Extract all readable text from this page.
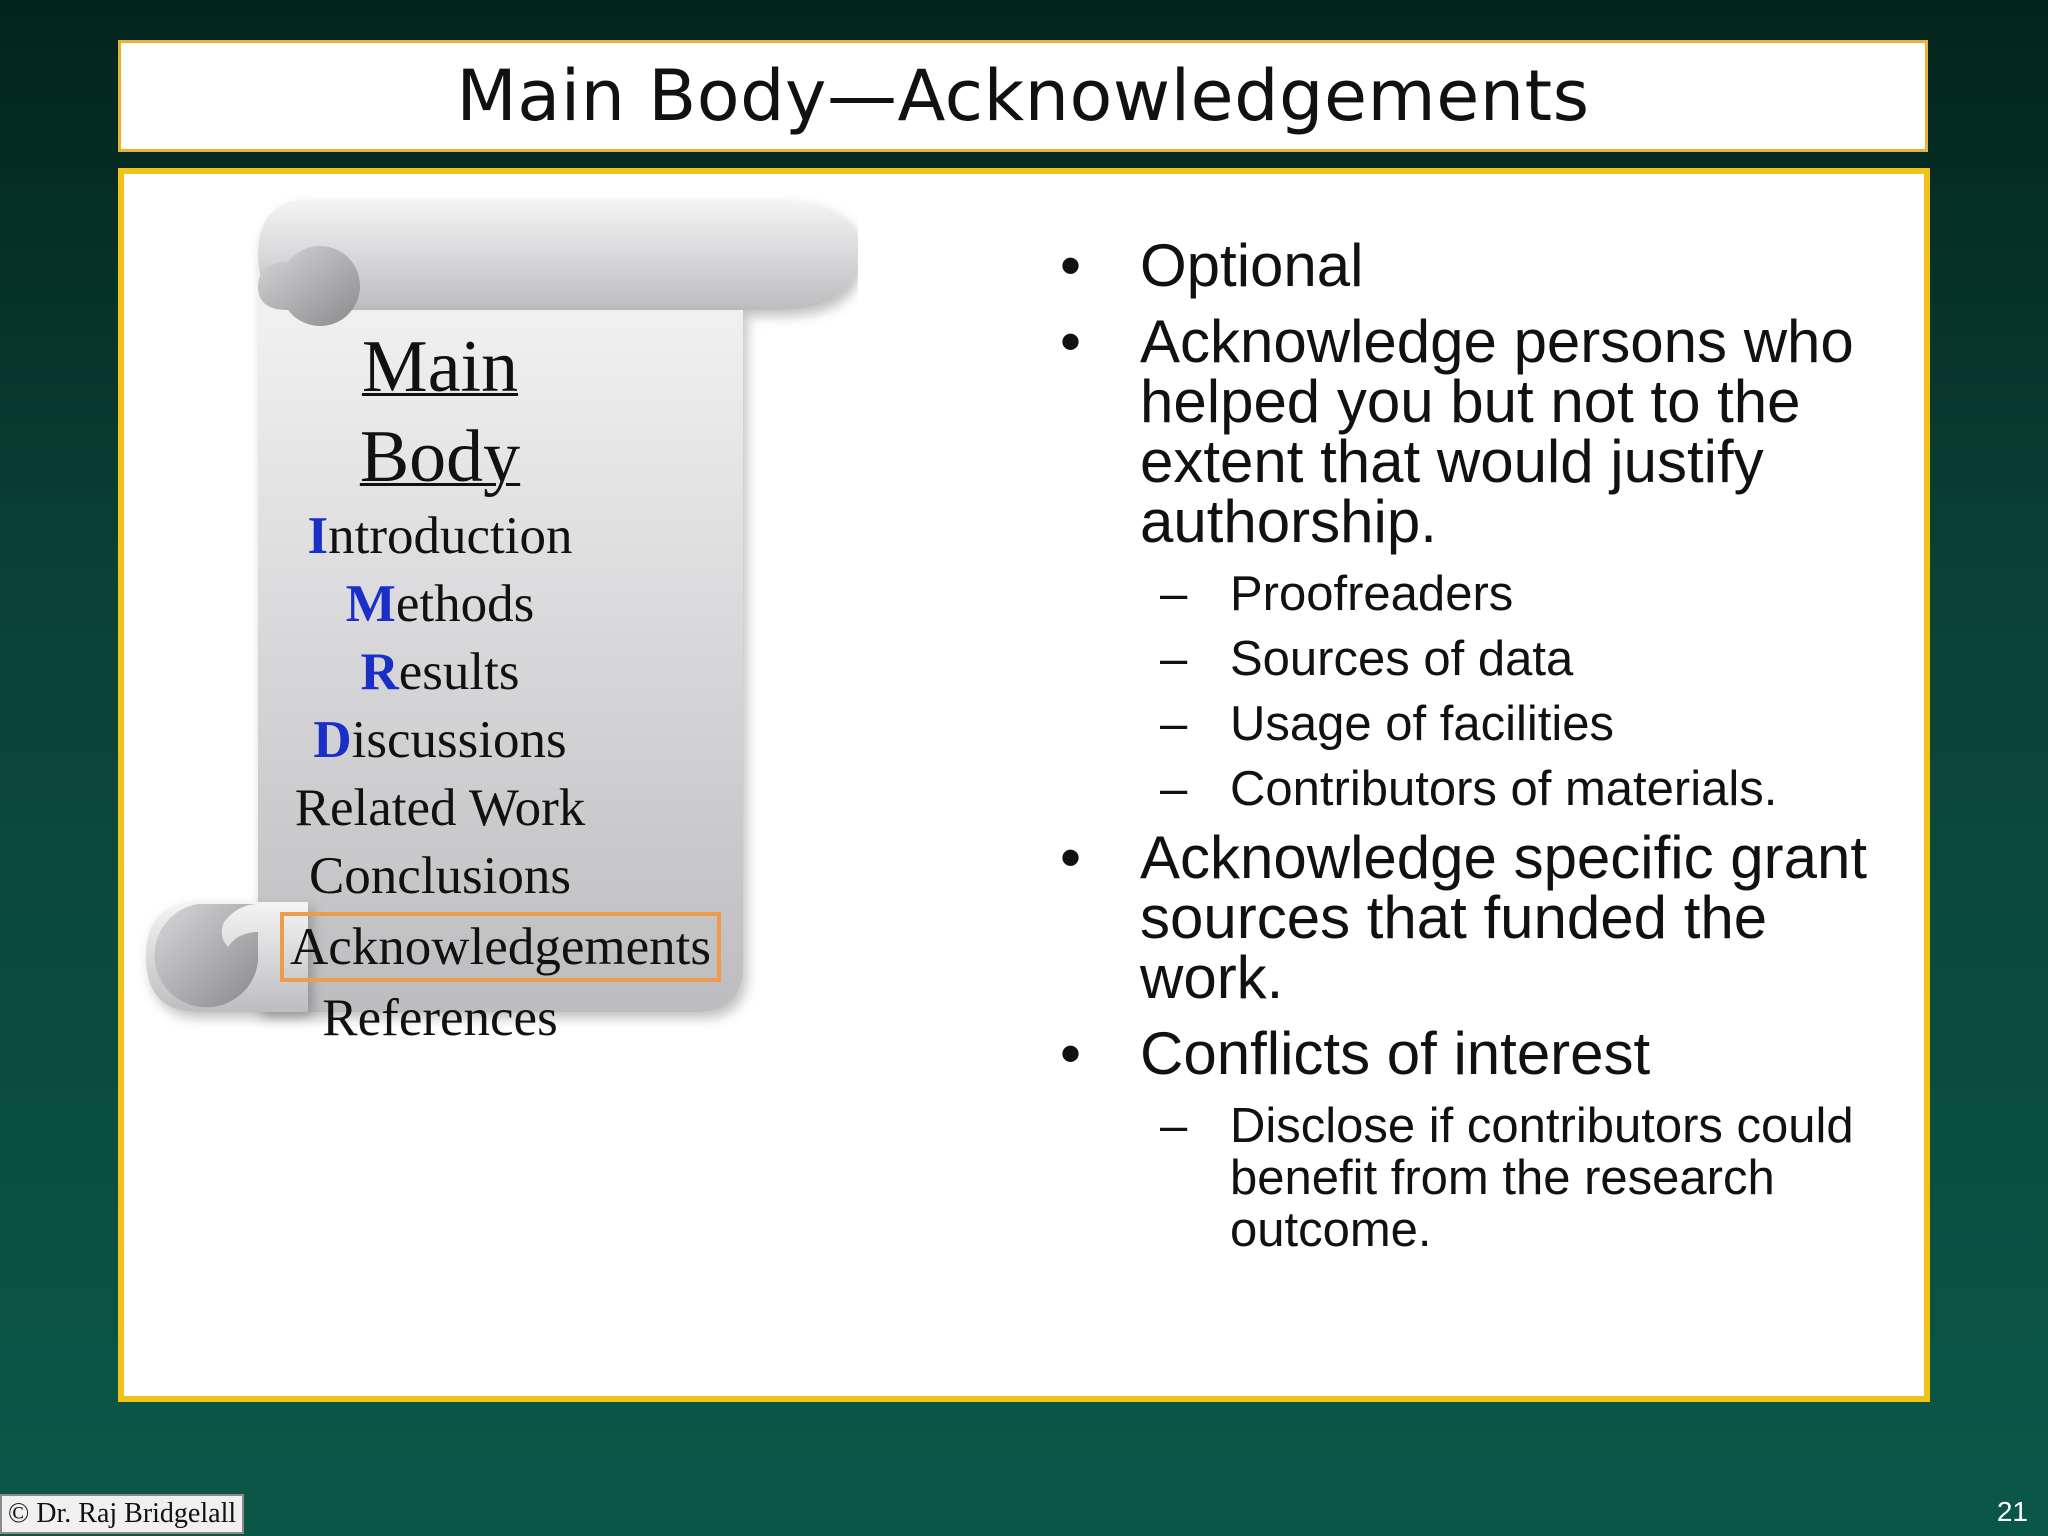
Main Body—Acknowledgements
Main Body
Introduction
Methods
Results
Discussions
Related Work
Conclusions
Acknowledgements
References
• Optional
• Acknowledge persons who helped you but not to the extent that would justify authorship.
– Proofreaders
– Sources of data
– Usage of facilities
– Contributors of materials.
• Acknowledge specific grant sources that funded the work.
• Conflicts of interest
– Disclose if contributors could benefit from the research outcome.
© Dr. Raj Bridgelall	21
